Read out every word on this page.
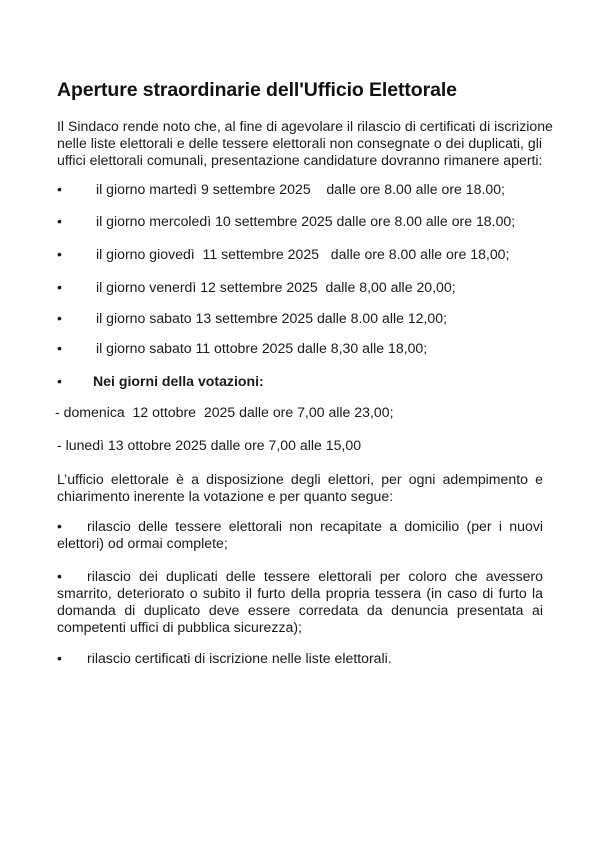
Aperture straordinarie dell'Ufficio Elettorale

Il Sindaco rende noto che, al fine di agevolare il rilascio di certificati di iscrizione
nelle liste elettorali e delle tessere elettorali non consegnate o dei duplicati, gli
uffici elettorali comunali, presentazione candidature dovranno rimanere aperti:

• il giorno martedì 9 settembre 2025    dalle ore 8.00 alle ore 18.00;
• il giorno mercoledì 10 settembre 2025 dalle ore 8.00 alle ore 18.00;
• il giorno giovedì  11 settembre 2025   dalle ore 8.00 alle ore 18,00;
• il giorno venerdì 12 settembre 2025  dalle 8,00 alle 20,00;
• il giorno sabato 13 settembre 2025 dalle 8.00 alle 12,00;
• il giorno sabato 11 ottobre 2025 dalle 8,30 alle 18,00;
• Nei giorni della votazioni:
- domenica  12 ottobre  2025 dalle ore 7,00 alle 23,00;
- lunedì 13 ottobre 2025 dalle ore 7,00 alle 15,00

L’ufficio elettorale è a disposizione degli elettori, per ogni adempimento e
chiarimento inerente la votazione e per quanto segue:

• rilascio delle tessere elettorali non recapitate a domicilio (per i nuovi
elettori) od ormai complete;

• rilascio dei duplicati delle tessere elettorali per coloro che avessero
smarrito, deteriorato o subito il furto della propria tessera (in caso di furto la
domanda di duplicato deve essere corredata da denuncia presentata ai
competenti uffici di pubblica sicurezza);

• rilascio certificati di iscrizione nelle liste elettorali.
